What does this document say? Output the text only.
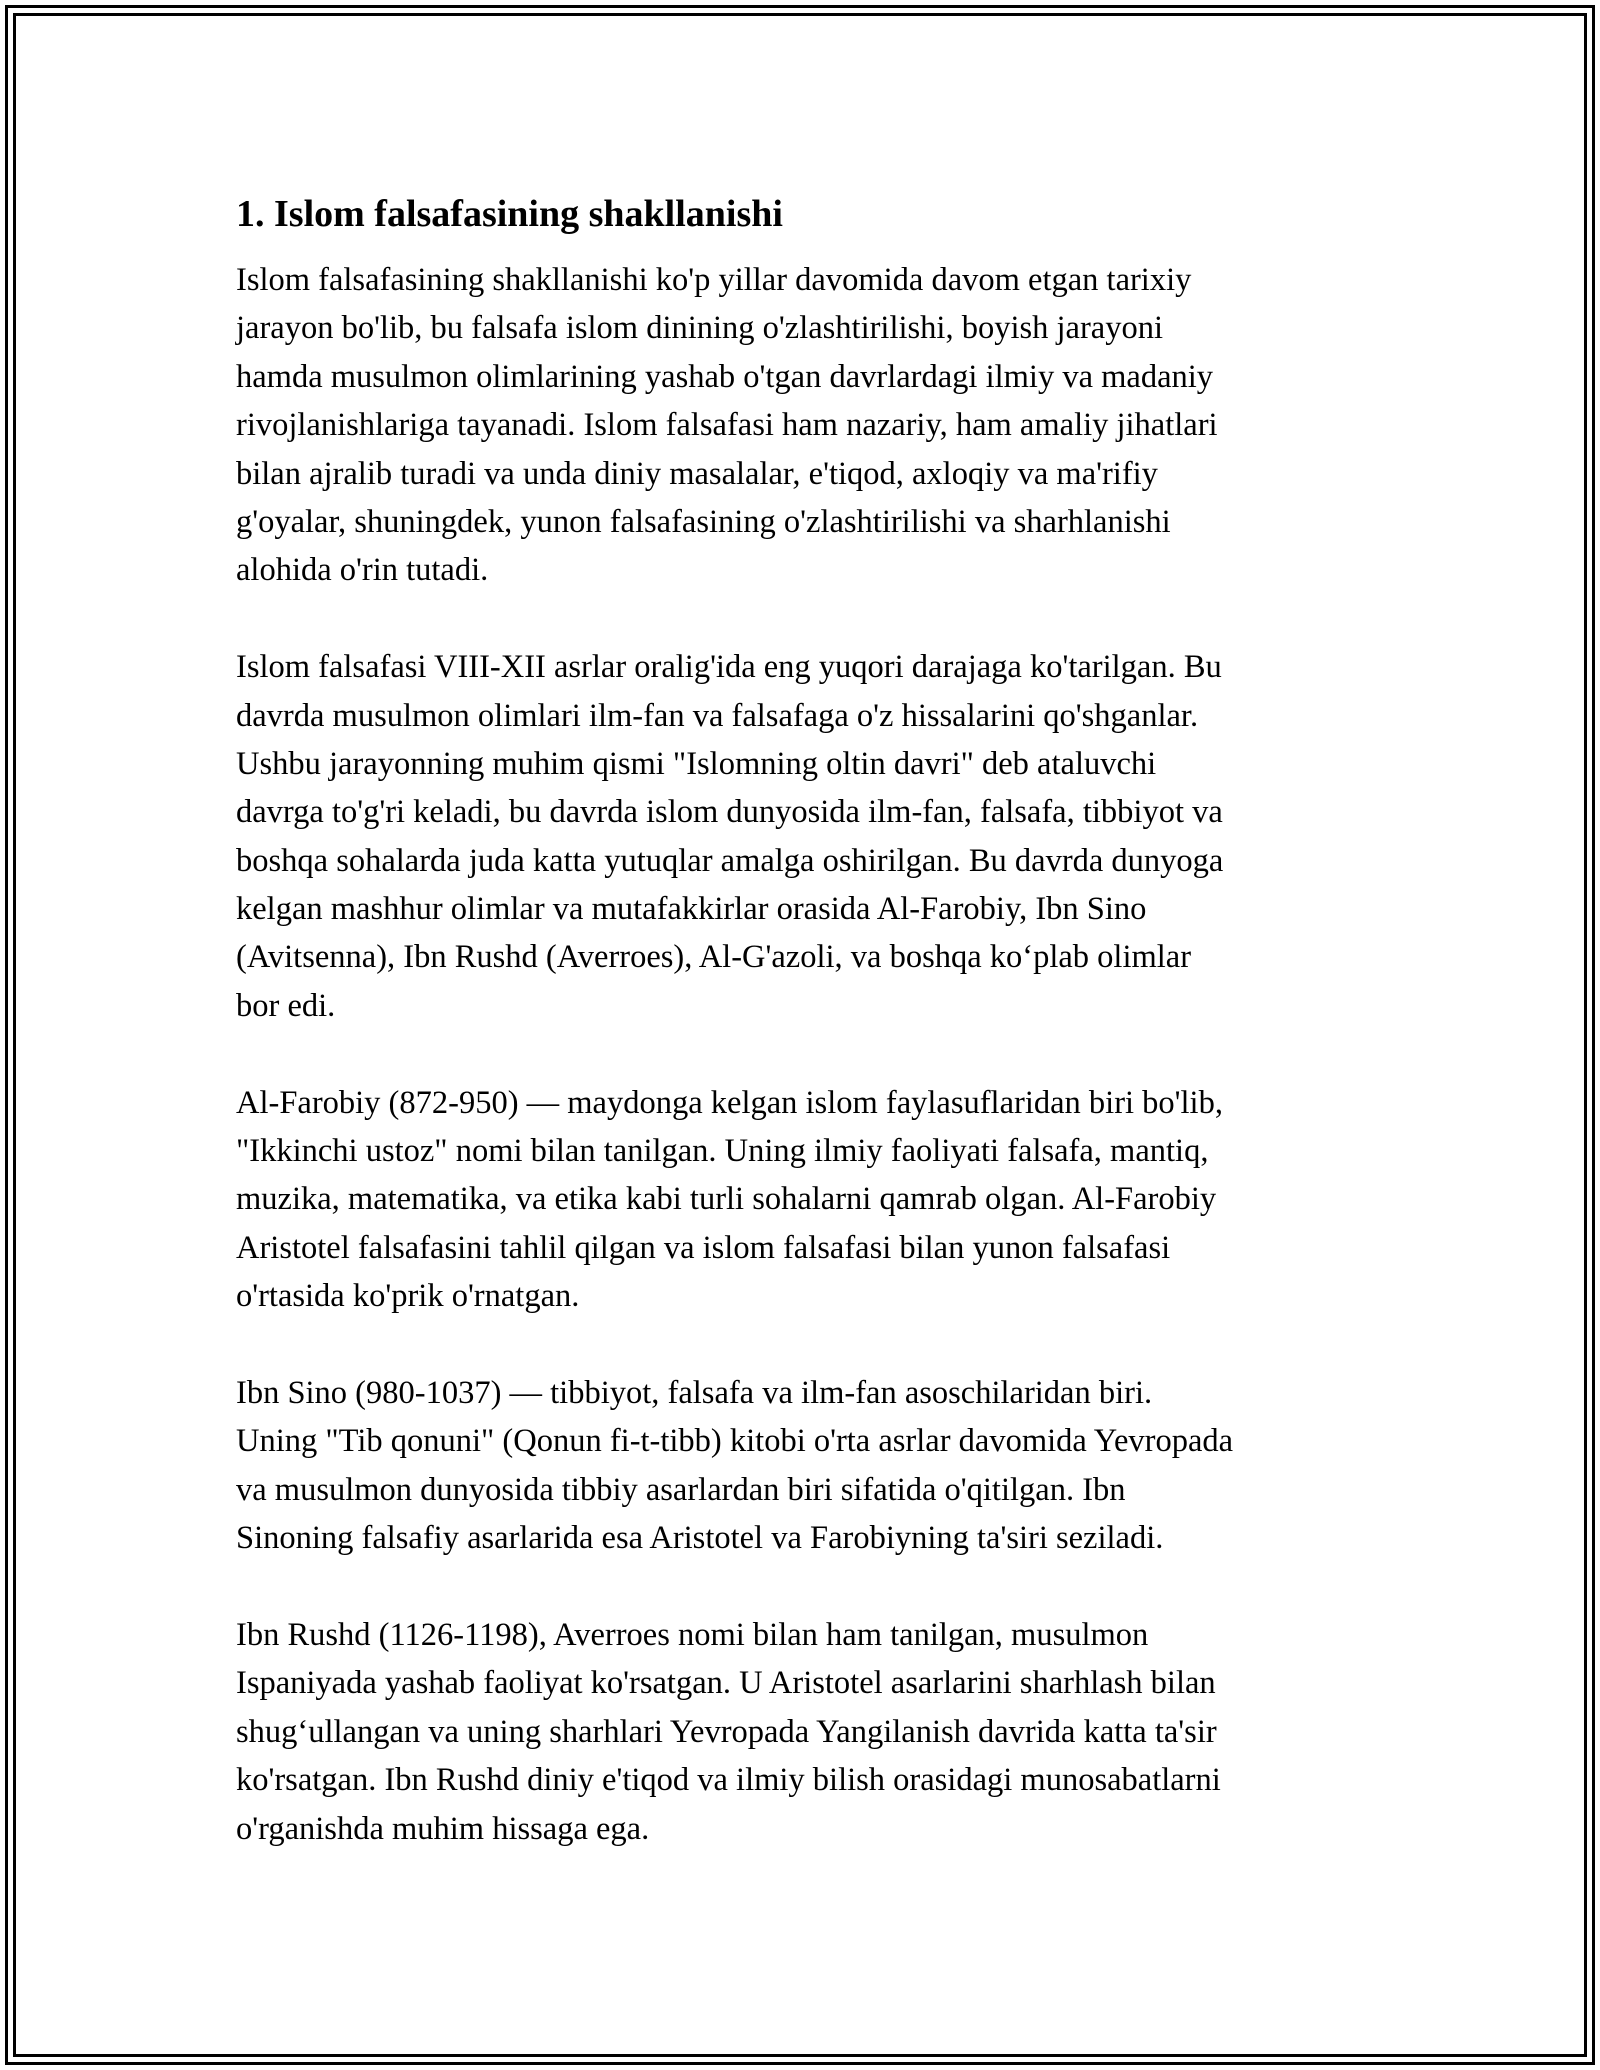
1. Islom falsafasining shakllanishi

Islom falsafasining shakllanishi ko'p yillar davomida davom etgan tarixiy
jarayon bo'lib, bu falsafa islom dinining o'zlashtirilishi, boyish jarayoni
hamda musulmon olimlarining yashab o'tgan davrlardagi ilmiy va madaniy
rivojlanishlariga tayanadi. Islom falsafasi ham nazariy, ham amaliy jihatlari
bilan ajralib turadi va unda diniy masalalar, e'tiqod, axloqiy va ma'rifiy
g'oyalar, shuningdek, yunon falsafasining o'zlashtirilishi va sharhlanishi
alohida o'rin tutadi.

Islom falsafasi VIII-XII asrlar oralig'ida eng yuqori darajaga ko'tarilgan. Bu
davrda musulmon olimlari ilm-fan va falsafaga o'z hissalarini qo'shganlar.
Ushbu jarayonning muhim qismi "Islomning oltin davri" deb ataluvchi
davrga to'g'ri keladi, bu davrda islom dunyosida ilm-fan, falsafa, tibbiyot va
boshqa sohalarda juda katta yutuqlar amalga oshirilgan. Bu davrda dunyoga
kelgan mashhur olimlar va mutafakkirlar orasida Al-Farobiy, Ibn Sino
(Avitsenna), Ibn Rushd (Averroes), Al-G'azoli, va boshqa ko‘plab olimlar
bor edi.

Al-Farobiy (872-950) — maydonga kelgan islom faylasuflaridan biri bo'lib,
"Ikkinchi ustoz" nomi bilan tanilgan. Uning ilmiy faoliyati falsafa, mantiq,
muzika, matematika, va etika kabi turli sohalarni qamrab olgan. Al-Farobiy
Aristotel falsafasini tahlil qilgan va islom falsafasi bilan yunon falsafasi
o'rtasida ko'prik o'rnatgan.

Ibn Sino (980-1037) — tibbiyot, falsafa va ilm-fan asoschilaridan biri.
Uning "Tib qonuni" (Qonun fi-t-tibb) kitobi o'rta asrlar davomida Yevropada
va musulmon dunyosida tibbiy asarlardan biri sifatida o'qitilgan. Ibn
Sinoning falsafiy asarlarida esa Aristotel va Farobiyning ta'siri seziladi.

Ibn Rushd (1126-1198), Averroes nomi bilan ham tanilgan, musulmon
Ispaniyada yashab faoliyat ko'rsatgan. U Aristotel asarlarini sharhlash bilan
shug‘ullangan va uning sharhlari Yevropada Yangilanish davrida katta ta'sir
ko'rsatgan. Ibn Rushd diniy e'tiqod va ilmiy bilish orasidagi munosabatlarni
o'rganishda muhim hissaga ega.
